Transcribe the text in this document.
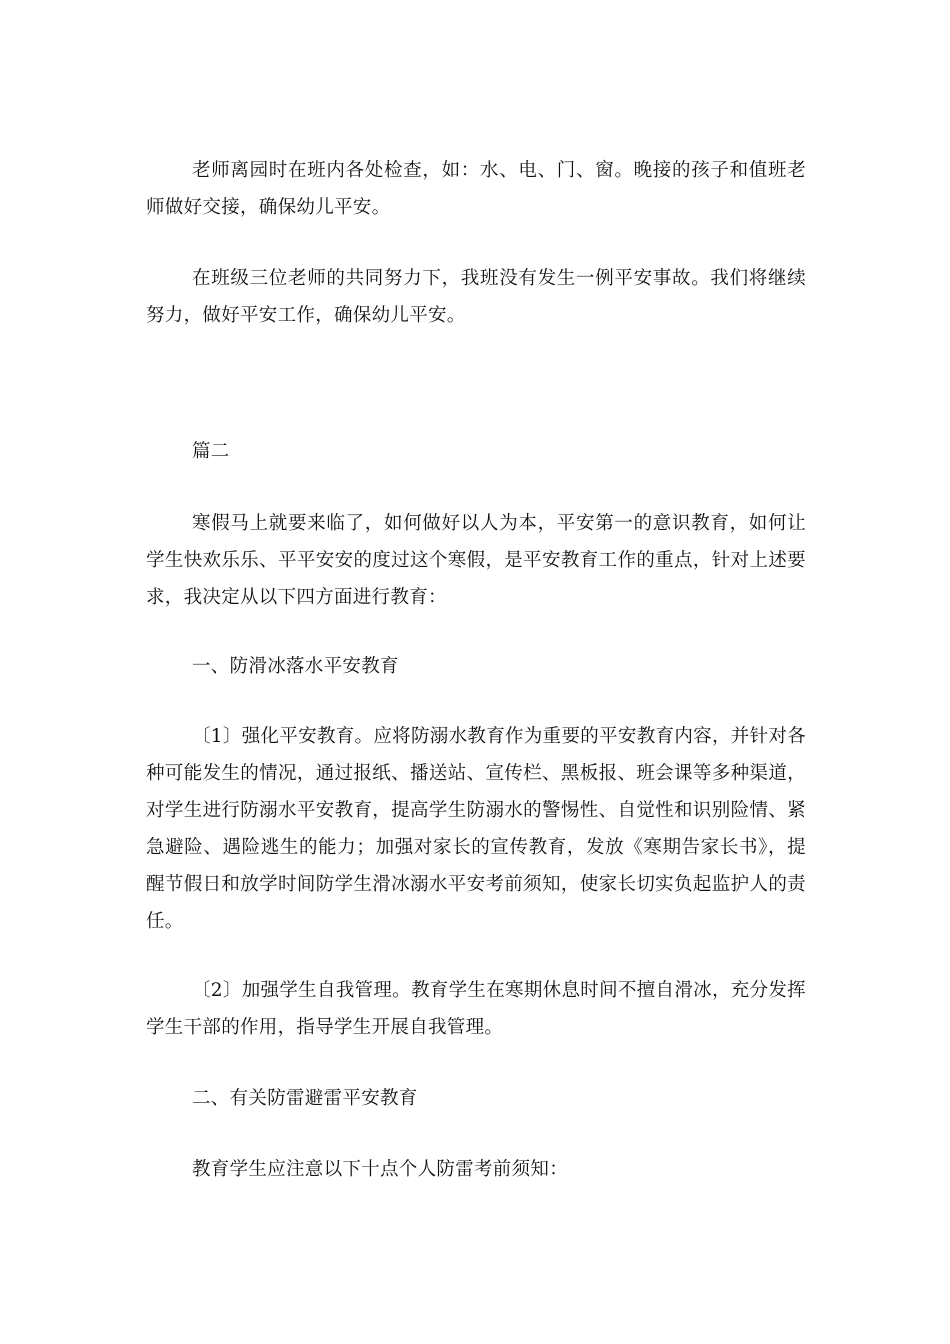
老师离园时在班内各处检查，如：水、电、门、窗。晚接的孩子和值班老师做好交接，确保幼儿平安。

在班级三位老师的共同努力下，我班没有发生一例平安事故。我们将继续努力，做好平安工作，确保幼儿平安。

篇二

寒假马上就要来临了，如何做好以人为本，平安第一的意识教育，如何让学生快欢乐乐、平平安安的度过这个寒假，是平安教育工作的重点，针对上述要求，我决定从以下四方面进行教育：

一、防滑冰落水平安教育

〔1〕强化平安教育。应将防溺水教育作为重要的平安教育内容，并针对各种可能发生的情况，通过报纸、播送站、宣传栏、黑板报、班会课等多种渠道，对学生进行防溺水平安教育，提高学生防溺水的警惕性、自觉性和识别险情、紧急避险、遇险逃生的能力；加强对家长的宣传教育，发放《寒期告家长书》，提醒节假日和放学时间防学生滑冰溺水平安考前须知，使家长切实负起监护人的责任。

〔2〕加强学生自我管理。教育学生在寒期休息时间不擅自滑冰，充分发挥学生干部的作用，指导学生开展自我管理。

二、有关防雷避雷平安教育

教育学生应注意以下十点个人防雷考前须知：
